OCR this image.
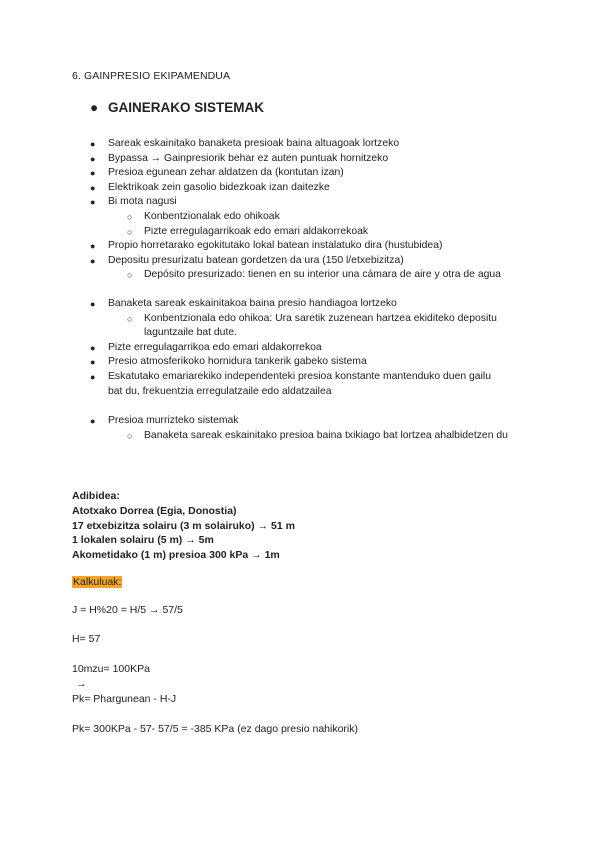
6. GAINPRESIO EKIPAMENDUA
● GAINERAKO SISTEMAK
● Sareak eskainitako banaketa presioak baina altuagoak lortzeko
● Bypassa → Gainpresiorik behar ez auten puntuak hornitzeko
● Presioa egunean zehar aldatzen da (kontutan izan)
● Elektrikoak zein gasolio bidezkoak izan daitezke
● Bi mota nagusi
○ Konbentzionalak edo ohikoak
○ Pizte erregulagarrikoak edo emari aldakorrekoak
● Propio horretarako egokitutako lokal batean instalatuko dira (hustubidea)
● Depositu presurizatu batean gordetzen da ura (150 l/etxebizitza)
○ Depósito presurizado: tienen en su interior una cámara de aire y otra de agua
● Banaketa sareak eskainitakoa baina presio handiagoa lortzeko
○ Konbentzionala edo ohikoa: Ura saretik zuzenean hartzea ekiditeko depositu laguntzaile bat dute.
● Pizte erregulagarrikoa edo emari aldakorrekoa
● Presio atmosferikoko hornidura tankerik gabeko sistema
● Eskatutako emariarekiko independenteki presioa konstante mantenduko duen gailu bat du, frekuentzia erregulatzaile edo aldatzailea
● Presioa murrizteko sistemak
○ Banaketa sareak eskainitako presioa baina txikiago bat lortzea ahalbidetzen du
Adibidea:
Atotxako Dorrea (Egia, Donostia)
17 etxebizitza solairu (3 m solairuko) → 51 m
1 lokalen solairu (5 m) → 5m
Akometidako (1 m) presioa 300 kPa → 1m
Kalkuluak:
J = H%20 = H/5 → 57/5
H= 57
10mzu= 100KPa
→
Pk= Phargunean - H-J
Pk= 300KPa - 57- 57/5 = -385 KPa (ez dago presio nahikorik)
